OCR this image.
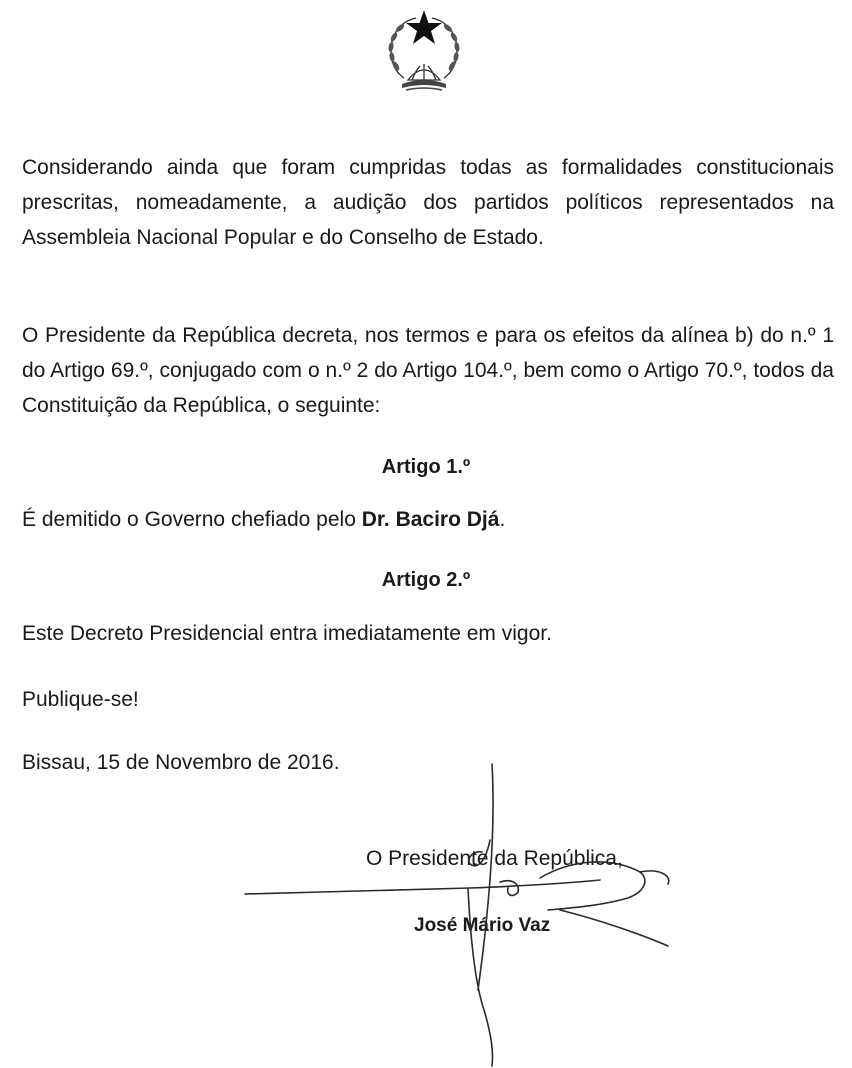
Considerando ainda que foram cumpridas todas as formalidades constitucionais prescritas, nomeadamente, a audição dos partidos políticos representados na Assembleia Nacional Popular e do Conselho de Estado.

O Presidente da República decreta, nos termos e para os efeitos da alínea b) do n.º 1 do Artigo 69.º, conjugado com o n.º 2 do Artigo 104.º, bem como o Artigo 70.º, todos da Constituição da República, o seguinte:

Artigo 1.º

É demitido o Governo chefiado pelo Dr. Baciro Djá.

Artigo 2.º

Este Decreto Presidencial entra imediatamente em vigor.

Publique-se!

Bissau, 15 de Novembro de 2016.

O Presidente da República,

José Mário Vaz
